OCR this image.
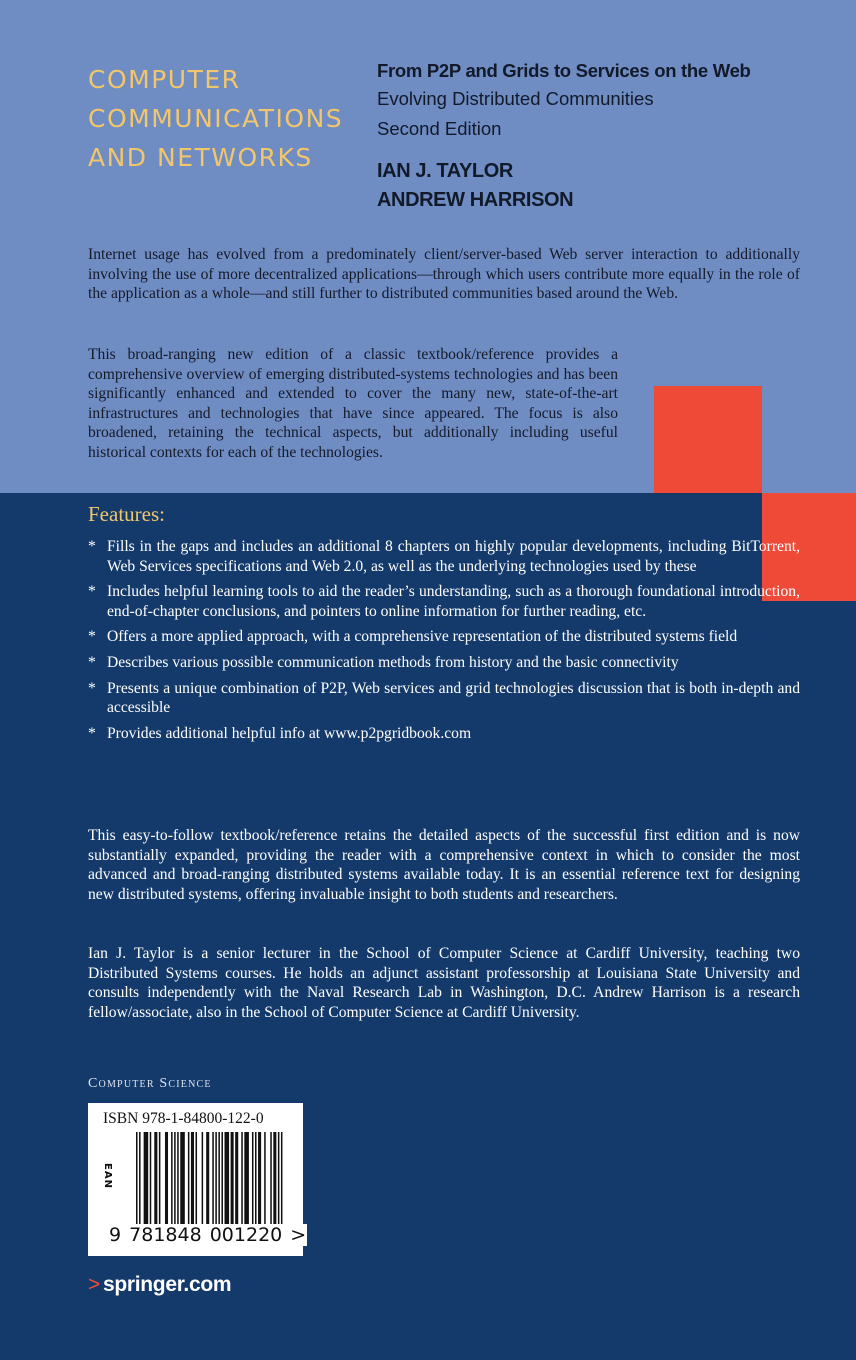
COMPUTER
COMMUNICATIONS
AND NETWORKS
From P2P and Grids to Services on the Web
Evolving Distributed Communities
Second Edition
IAN J. TAYLOR
ANDREW HARRISON

Internet usage has evolved from a predominately client/server-based Web server interaction to additionally involving the use of more decentralized applications—through which users contribute more equally in the role of the application as a whole—and still further to distributed communities based around the Web.

This broad-ranging new edition of a classic textbook/reference provides a comprehensive overview of emerging distributed-systems technologies and has been significantly enhanced and extended to cover the many new, state-of-the-art infrastructures and technologies that have since appeared. The focus is also broadened, retaining the technical aspects, but additionally including useful historical contexts for each of the technologies.

Features:
* Fills in the gaps and includes an additional 8 chapters on highly popular developments, including BitTorrent, Web Services specifications and Web 2.0, as well as the underlying technologies used by these
* Includes helpful learning tools to aid the reader’s understanding, such as a thorough foundational introduction, end-of-chapter conclusions, and pointers to online information for further reading, etc.
* Offers a more applied approach, with a comprehensive representation of the distributed systems field
* Describes various possible communication methods from history and the basic connectivity
* Presents a unique combination of P2P, Web services and grid technologies discussion that is both in-depth and accessible
* Provides additional helpful info at www.p2pgridbook.com

This easy-to-follow textbook/reference retains the detailed aspects of the successful first edition and is now substantially expanded, providing the reader with a comprehensive context in which to consider the most advanced and broad-ranging distributed systems available today. It is an essential reference text for designing new distributed systems, offering invaluable insight to both students and researchers.

Ian J. Taylor is a senior lecturer in the School of Computer Science at Cardiff University, teaching two Distributed Systems courses. He holds an adjunct assistant professorship at Louisiana State University and consults independently with the Naval Research Lab in Washington, D.C. Andrew Harrison is a research fellow/associate, also in the School of Computer Science at Cardiff University.

Computer Science
ISBN 978-1-84800-122-0
EAN
9 781848 001220 >
> springer.com
